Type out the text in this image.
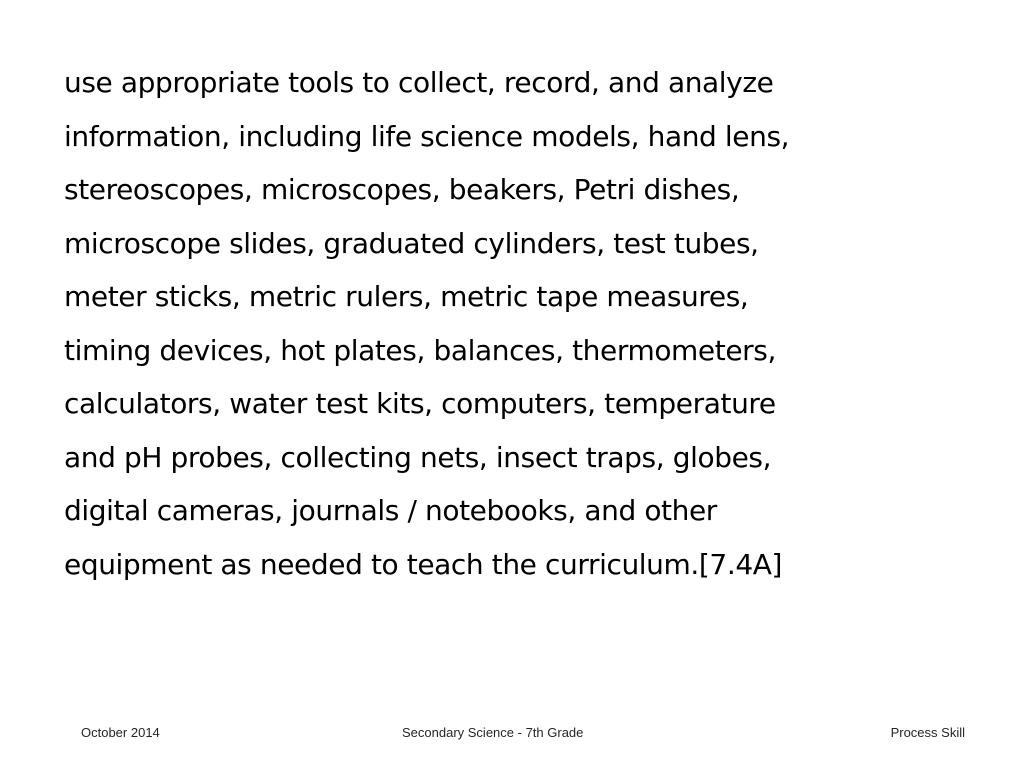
use appropriate tools to collect, record, and analyze
information, including life science models, hand lens,
stereoscopes, microscopes, beakers, Petri dishes,
microscope slides, graduated cylinders, test tubes,
meter sticks, metric rulers, metric tape measures,
timing devices, hot plates, balances, thermometers,
calculators, water test kits, computers, temperature
and pH probes, collecting nets, insect traps, globes,
digital cameras, journals / notebooks, and other
equipment as needed to teach the curriculum.[7.4A]
October 2014	Secondary Science - 7th Grade	Process Skill
